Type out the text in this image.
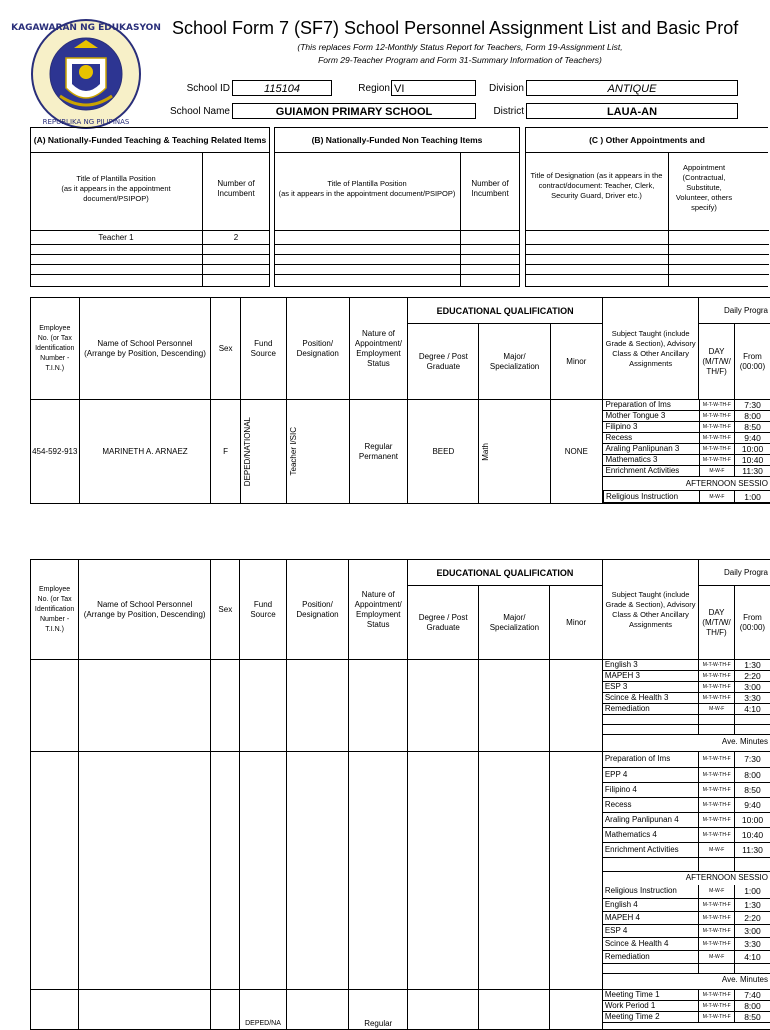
KAGAWARAN NG EDUKASYON
REPUBLIKA NG PILIPINAS
School Form 7 (SF7) School Personnel Assignment List and Basic Prof
(This replaces Form 12-Monthly Status Report for Teachers, Form 19-Assignment List,
Form 29-Teacher Program and Form 31-Summary Information of Teachers)
School ID	115104	Region VI	Division	ANTIQUE
School Name	GUIAMON PRIMARY SCHOOL	District	LAUA-AN
(A) Nationally-Funded Teaching & Teaching Related Items
Title of Plantilla Position
(as it appears in the appointment document/PSIPOP)
Number of Incumbent
Teacher 1	2
(B) Nationally-Funded Non Teaching Items
Title of Plantilla Position
(as it appears in the appointment document/PSIPOP)
Number of Incumbent
(C ) Other Appointments and
Title of Designation (as it appears in the contract/document: Teacher, Clerk, Security Guard, Driver etc.)
Appointment (Contractual, Substitute, Volunteer, others specify)
Employee No. (or Tax Identification Number -T.I.N.)	Name of School Personnel (Arrange by Position, Descending)	Sex	Fund Source	Position/ Designation	Nature of Appointment/ Employment Status	EDUCATIONAL QUALIFICATION	Subject Taught (include Grade & Section), Advisory Class & Other Ancillary Assignments	Daily Progra
Degree / Post Graduate	Major/ Specialization	Minor	DAY (M/T/W/ TH/F)	From (00:00)
454-592-913	MARINETH A. ARNAEZ	F	DEPED/NATIONAL	Teacher I/SIC	Regular Permanent	BEED	Math	NONE	
Preparation of Ims	M-T-W-TH-F	7:30
Mother Tongue 3	M-T-W-TH-F	8:00
Filipino 3	M-T-W-TH-F	8:50
Recess	M-T-W-TH-F	9:40
Araling Panlipunan 3	M-T-W-TH-F	10:00
Mathematics 3	M-T-W-TH-F	10:40
Enrichment Activities	M-W-F	11:30
AFTERNOON SESSIO
Religious Instruction	M-W-F	1:00
Employee No. (or Tax Identification Number -T.I.N.)	Name of School Personnel (Arrange by Position, Descending)	Sex	Fund Source	Position/ Designation	Nature of Appointment/ Employment Status	EDUCATIONAL QUALIFICATION	Subject Taught (include Grade & Section), Advisory Class & Other Ancillary Assignments	Daily Progra
Degree / Post Graduate	Major/ Specialization	Minor	DAY (M/T/W/ TH/F)	From (00:00)

English 3	M-T-W-TH-F	1:30
MAPEH 3	M-T-W-TH-F	2:20
ESP 3	M-T-W-TH-F	3:00
Scince & Health 3	M-T-W-TH-F	3:30
Remediation	M-W-F	4:10

Ave. Minutes

Preparation of Ims	M-T-W-TH-F	7:30
EPP 4	M-T-W-TH-F	8:00
Filipino 4	M-T-W-TH-F	8:50
Recess	M-T-W-TH-F	9:40
Araling Panlipunan 4	M-T-W-TH-F	10:00
Mathematics 4	M-T-W-TH-F	10:40
Enrichment Activities	M-W-F	11:30

AFTERNOON SESSIO
Religious Instruction	M-W-F	1:00
English 4	M-T-W-TH-F	1:30
MAPEH 4	M-T-W-TH-F	2:20
ESP 4	M-T-W-TH-F	3:00
Scince & Health 4	M-T-W-TH-F	3:30
Remediation	M-W-F	4:10

Ave. Minutes

			DEPED/NA		Regular				
Meeting Time 1	M-T-W-TH-F	7:40
Work Period 1	M-T-W-TH-F	8:00
Meeting Time 2	M-T-W-TH-F	8:50
